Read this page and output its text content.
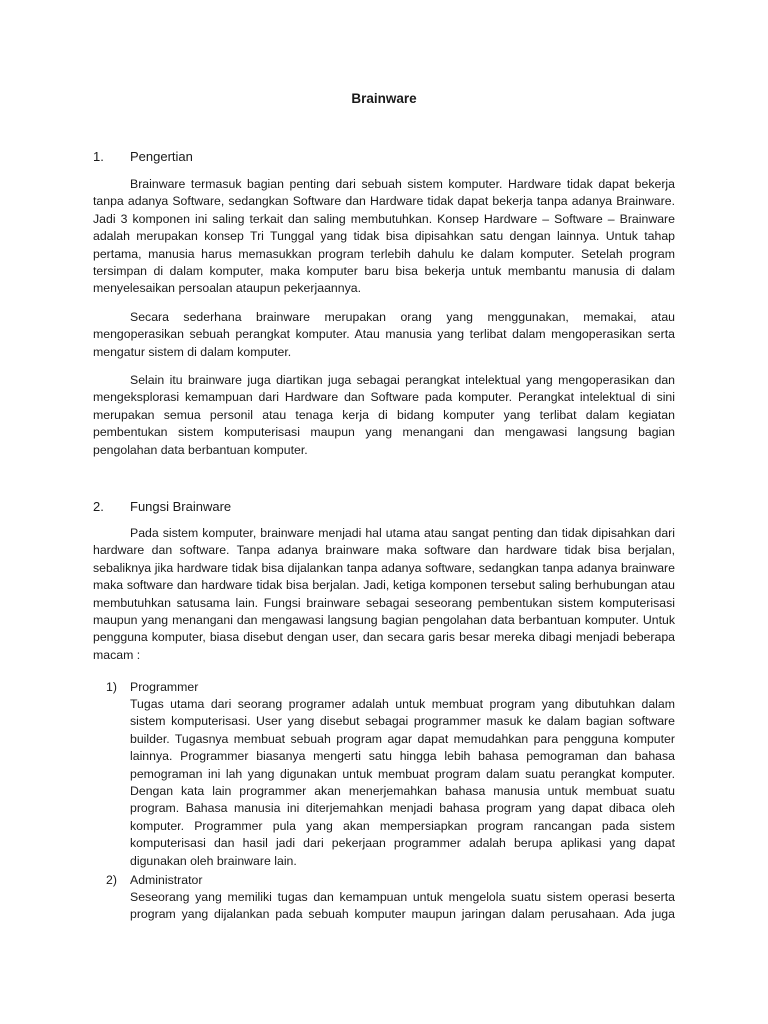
Brainware
1. Pengertian

Brainware termasuk bagian penting dari sebuah sistem komputer. Hardware tidak dapat bekerja tanpa adanya Software, sedangkan Software dan Hardware tidak dapat bekerja tanpa adanya Brainware. Jadi 3 komponen ini saling terkait dan saling membutuhkan. Konsep Hardware – Software – Brainware adalah merupakan konsep Tri Tunggal yang tidak bisa dipisahkan satu dengan lainnya. Untuk tahap pertama, manusia harus memasukkan program terlebih dahulu ke dalam komputer. Setelah program tersimpan di dalam komputer, maka komputer baru bisa bekerja untuk membantu manusia di dalam menyelesaikan persoalan ataupun pekerjaannya.

Secara sederhana brainware merupakan orang yang menggunakan, memakai, atau mengoperasikan sebuah perangkat komputer. Atau manusia yang terlibat dalam mengoperasikan serta mengatur sistem di dalam komputer.

Selain itu brainware juga diartikan juga sebagai perangkat intelektual yang mengoperasikan dan mengeksplorasi kemampuan dari Hardware dan Software pada komputer. Perangkat intelektual di sini merupakan semua personil atau tenaga kerja di bidang komputer yang terlibat dalam kegiatan pembentukan sistem komputerisasi maupun yang menangani dan mengawasi langsung bagian pengolahan data berbantuan komputer.

2. Fungsi Brainware

Pada sistem komputer, brainware menjadi hal utama atau sangat penting dan tidak dipisahkan dari hardware dan software. Tanpa adanya brainware maka software dan hardware tidak bisa berjalan, sebaliknya jika hardware tidak bisa dijalankan tanpa adanya software, sedangkan tanpa adanya brainware maka software dan hardware tidak bisa berjalan. Jadi, ketiga komponen tersebut saling berhubungan atau membutuhkan satusama lain. Fungsi brainware sebagai seseorang pembentukan sistem komputerisasi maupun yang menangani dan mengawasi langsung bagian pengolahan data berbantuan komputer. Untuk pengguna komputer, biasa disebut dengan user, dan secara garis besar mereka dibagi menjadi beberapa macam :

1) Programmer

Tugas utama dari seorang programer adalah untuk membuat program yang dibutuhkan dalam sistem komputerisasi. User yang disebut sebagai programmer masuk ke dalam bagian software builder. Tugasnya membuat sebuah program agar dapat memudahkan para pengguna komputer lainnya. Programmer biasanya mengerti satu hingga lebih bahasa pemograman dan bahasa pemograman ini lah yang digunakan untuk membuat program dalam suatu perangkat komputer. Dengan kata lain programmer akan menerjemahkan bahasa manusia untuk membuat suatu program. Bahasa manusia ini diterjemahkan menjadi bahasa program yang dapat dibaca oleh komputer. Programmer pula yang akan mempersiapkan program rancangan pada sistem komputerisasi dan hasil jadi dari pekerjaan programmer adalah berupa aplikasi yang dapat digunakan oleh brainware lain.

2) Administrator

Seseorang yang memiliki tugas dan kemampuan untuk mengelola suatu sistem operasi beserta program yang dijalankan pada sebuah komputer maupun jaringan dalam perusahaan. Ada juga
